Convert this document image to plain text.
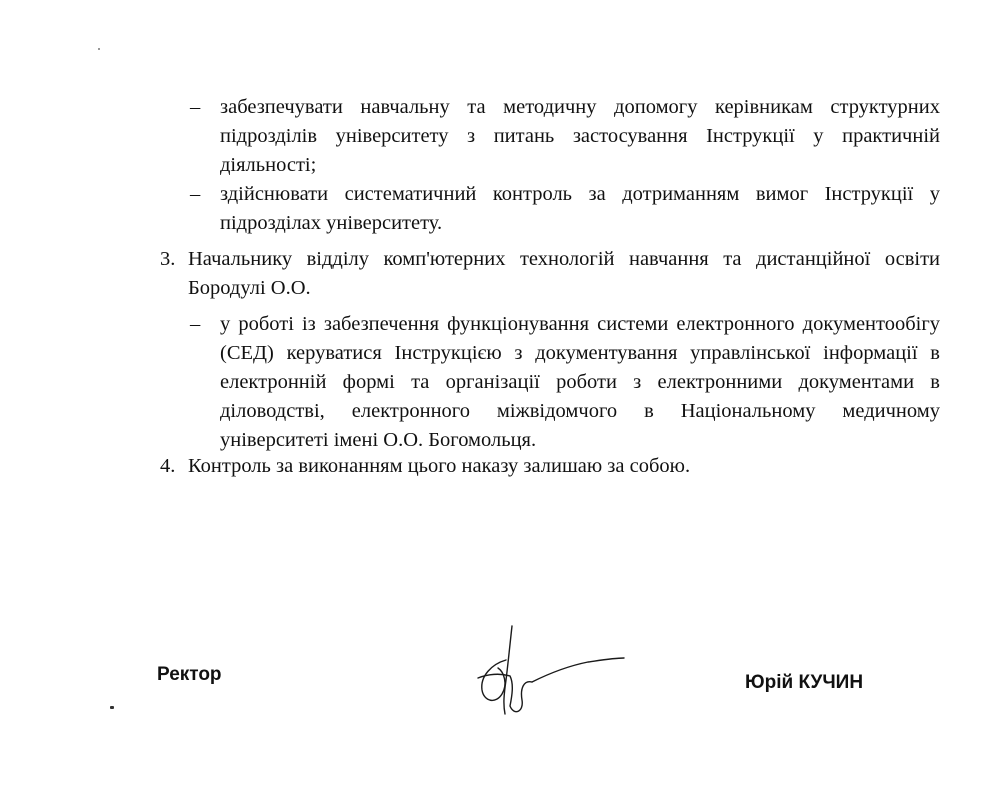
– забезпечувати навчальну та методичну допомогу керівникам структурних підрозділів університету з питань застосування Інструкції у практичній діяльності;
– здійснювати систематичний контроль за дотриманням вимог Інструкції у підрозділах університету.
3. Начальнику відділу комп'ютерних технологій навчання та дистанційної освіти Бородулі О.О.
– у роботі із забезпечення функціонування системи електронного документообігу (СЕД) керуватися Інструкцією з документування управлінської інформації в електронній формі та організації роботи з електронними документами в діловодстві, електронного міжвідомчого в Національному медичному університеті імені О.О. Богомольця.
4. Контроль за виконанням цього наказу залишаю за собою.
Ректор	Юрій КУЧИН
